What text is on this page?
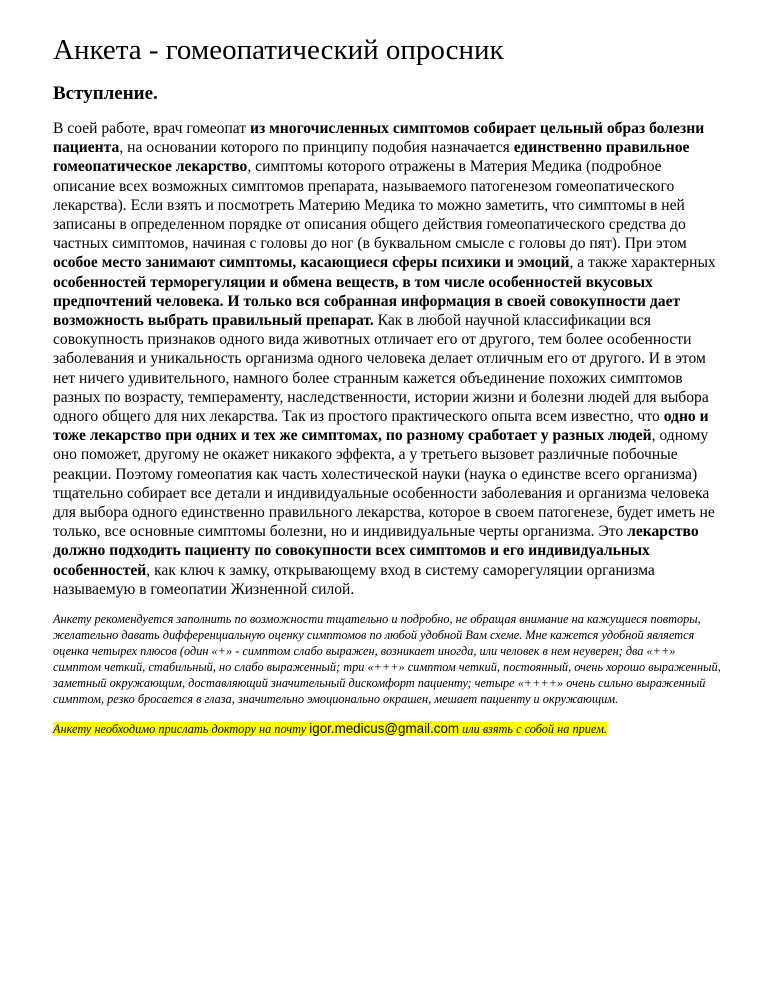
Анкета - гомеопатический опросник
Вступление.

В соей работе, врач гомеопат из многочисленных симптомов собирает цельный образ болезни пациента, на основании которого по принципу подобия назначается единственно правильное гомеопатическое лекарство, симптомы которого отражены в Материя Медика (подробное описание всех возможных симптомов препарата, называемого патогенезом гомеопатического лекарства). Если взять и посмотреть Материю Медика то можно заметить, что симптомы в ней записаны в определенном порядке от описания общего действия гомеопатического средства до частных симптомов, начиная с головы до ног (в буквальном смысле с головы до пят). При этом особое место занимают симптомы, касающиеся сферы психики и эмоций, а также характерных особенностей терморегуляции и обмена веществ, в том числе особенностей вкусовых предпочтений человека. И только вся собранная информация в своей совокупности дает возможность выбрать правильный препарат. Как в любой научной классификации вся совокупность признаков одного вида животных отличает его от другого, тем более особенности заболевания и уникальность организма одного человека делает отличным его от другого. И в этом нет ничего удивительного, намного более странным кажется объединение похожих симптомов разных по возрасту, темпераменту, наследственности, истории жизни и болезни людей для выбора одного общего для них лекарства. Так из простого практического опыта всем известно, что одно и тоже лекарство при одних и тех же симптомах, по разному сработает у разных людей, одному оно поможет, другому не окажет никакого эффекта, а у третьего вызовет различные побочные реакции. Поэтому гомеопатия как часть холестической науки (наука о единстве всего организма) тщательно собирает все детали и индивидуальные особенности заболевания и организма человека для выбора одного единственно правильного лекарства, которое в своем патогенезе, будет иметь не только, все основные симптомы болезни, но и индивидуальные черты организма. Это лекарство должно подходить пациенту по совокупности всех симптомов и его индивидуальных особенностей, как ключ к замку, открывающему вход в систему саморегуляции организма называемую в гомеопатии Жизненной силой.

Анкету рекомендуется заполнить по возможности тщательно и подробно, не обращая внимание на кажущиеся повторы, желательно давать дифференциальную оценку симптомов по любой удобной Вам схеме. Мне кажется удобной является оценка четырех плюсов (один «+» - симптом слабо выражен, возникает иногда, или человек в нем неуверен; два «++» симптом четкий, стабильный, но слабо выраженный; три «+++» симптом четкий, постоянный, очень хорошо выраженный, заметный окружающим, доставляющий значительный дискомфорт пациенту; четыре «++++» очень сильно выраженный симптом, резко бросается в глаза, значительно эмоционально окрашен, мешает пациенту и окружающим.

Анкету необходимо прислать доктору на почту igor.medicus@gmail.com или взять с собой на прием.
